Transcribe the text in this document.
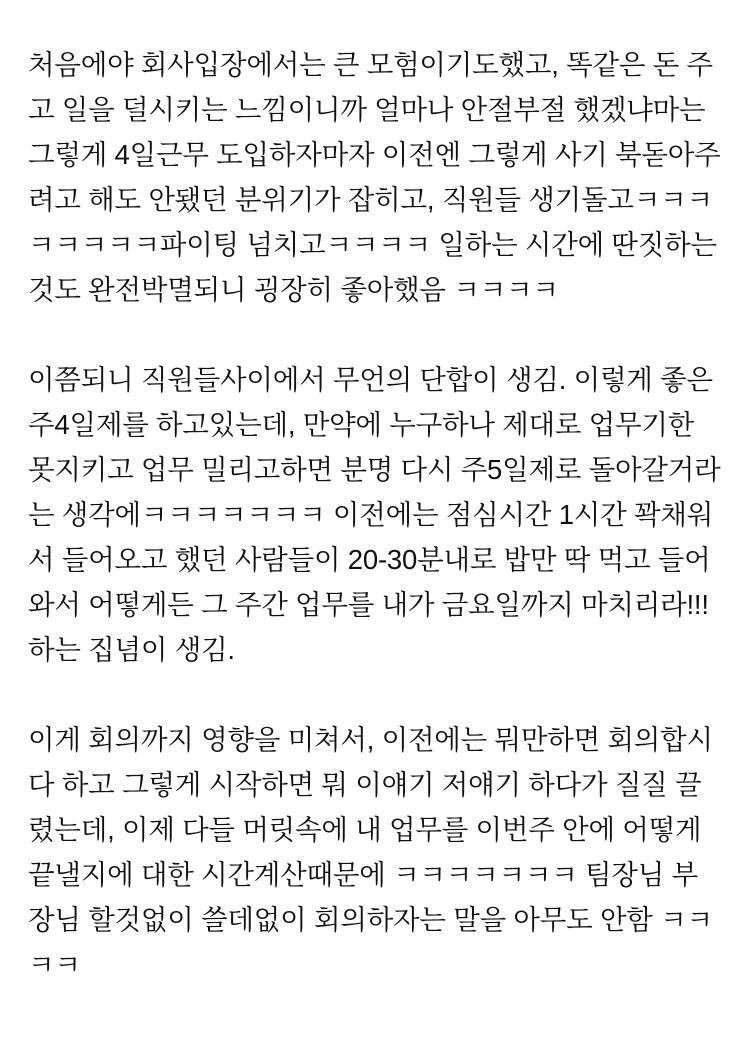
처음에야 회사입장에서는 큰 모험이기도했고, 똑같은 돈 주고 일을 덜시키는 느낌이니까 얼마나 안절부절 했겠냐마는 그렇게 4일근무 도입하자마자 이전엔 그렇게 사기 북돋아주려고 해도 안됐던 분위기가 잡히고, 직원들 생기돌고ㅋㅋㅋㅋㅋㅋㅋㅋ파이팅 넘치고ㅋㅋㅋㅋ 일하는 시간에 딴짓하는것도 완전박멸되니 굉장히 좋아했음 ㅋㅋㅋㅋ

이쯤되니 직원들사이에서 무언의 단합이 생김. 이렇게 좋은 주4일제를 하고있는데, 만약에 누구하나 제대로 업무기한 못지키고 업무 밀리고하면 분명 다시 주5일제로 돌아갈거라는 생각에ㅋㅋㅋㅋㅋㅋㅋ 이전에는 점심시간 1시간 꽉채워서 들어오고 했던 사람들이 20-30분내로 밥만 딱 먹고 들어와서 어떻게든 그 주간 업무를 내가 금요일까지 마치리라!!! 하는 집념이 생김.

이게 회의까지 영향을 미쳐서, 이전에는 뭐만하면 회의합시다 하고 그렇게 시작하면 뭐 이얘기 저얘기 하다가 질질 끌렸는데, 이제 다들 머릿속에 내 업무를 이번주 안에 어떻게 끝낼지에 대한 시간계산때문에 ㅋㅋㅋㅋㅋㅋㅋ 팀장님 부장님 할것없이 쓸데없이 회의하자는 말을 아무도 안함 ㅋㅋㅋㅋ
